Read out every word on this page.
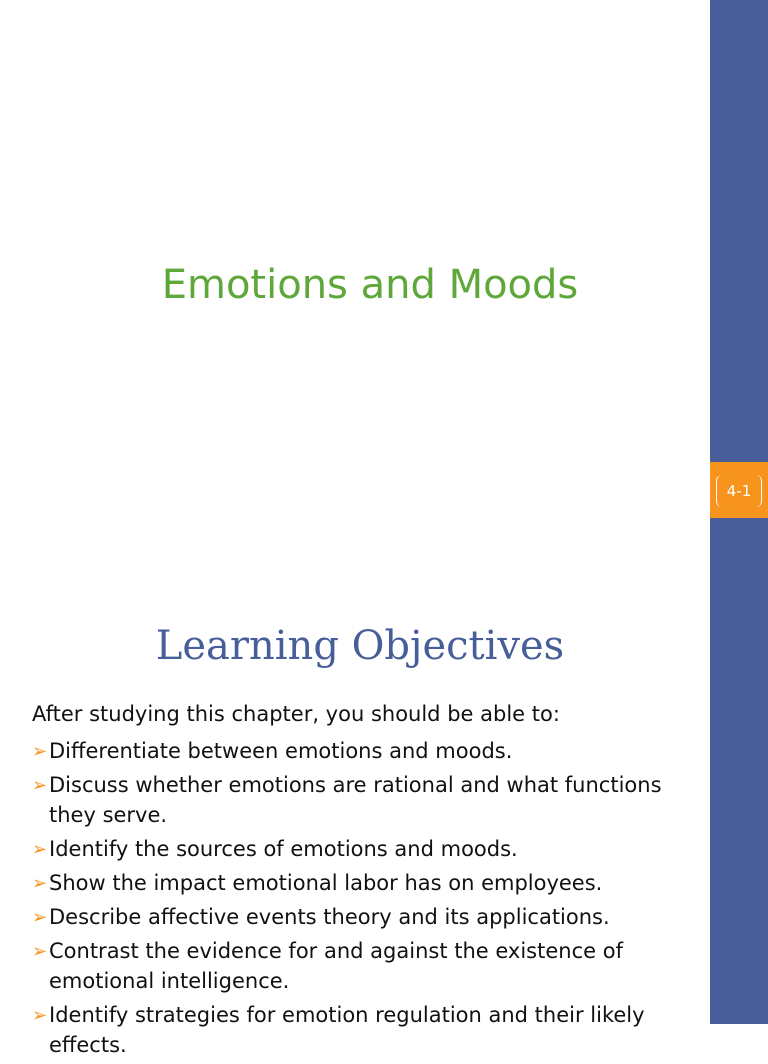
4-1
Emotions and Moods
Learning Objectives
After studying this chapter, you should be able to:
➢ Differentiate between emotions and moods.
➢ Discuss whether emotions are rational and what functions they serve.
➢ Identify the sources of emotions and moods.
➢ Show the impact emotional labor has on employees.
➢ Describe affective events theory and its applications.
➢ Contrast the evidence for and against the existence of emotional intelligence.
➢ Identify strategies for emotion regulation and their likely effects.
